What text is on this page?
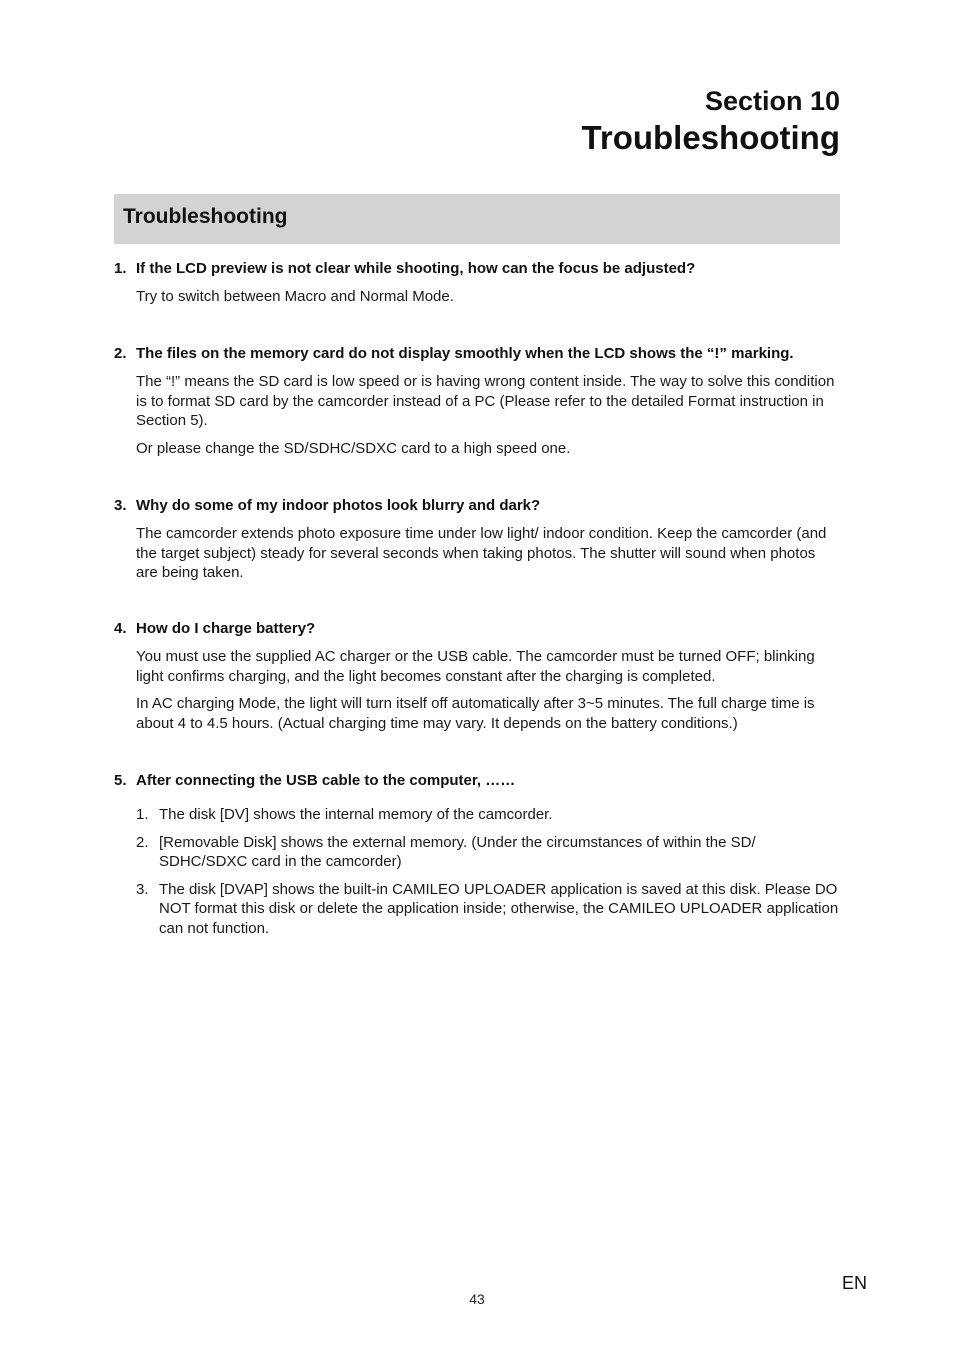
Section 10
Troubleshooting
Troubleshooting
1. If the LCD preview is not clear while shooting, how can the focus be adjusted?
Try to switch between Macro and Normal Mode.
2. The files on the memory card do not display smoothly when the LCD shows the “!” marking.
The “!” means the SD card is low speed or is having wrong content inside. The way to solve this condition is to format SD card by the camcorder instead of a PC (Please refer to the detailed Format instruction in Section 5).
Or please change the SD/SDHC/SDXC card to a high speed one.
3. Why do some of my indoor photos look blurry and dark?
The camcorder extends photo exposure time under low light/ indoor condition. Keep the camcorder (and the target subject) steady for several seconds when taking photos. The shutter will sound when photos are being taken.
4. How do I charge battery?
You must use the supplied AC charger or the USB cable. The camcorder must be turned OFF; blinking light confirms charging, and the light becomes constant after the charging is completed.
In AC charging Mode, the light will turn itself off automatically after 3~5 minutes. The full charge time is about 4 to 4.5 hours. (Actual charging time may vary. It depends on the battery conditions.)
5. After connecting the USB cable to the computer, ……
1. The disk [DV] shows the internal memory of the camcorder.
2. [Removable Disk] shows the external memory. (Under the circumstances of within the SD/ SDHC/SDXC card in the camcorder)
3. The disk [DVAP] shows the built-in CAMILEO UPLOADER application is saved at this disk. Please DO NOT format this disk or delete the application inside; otherwise, the CAMILEO UPLOADER application can not function.
43
EN
